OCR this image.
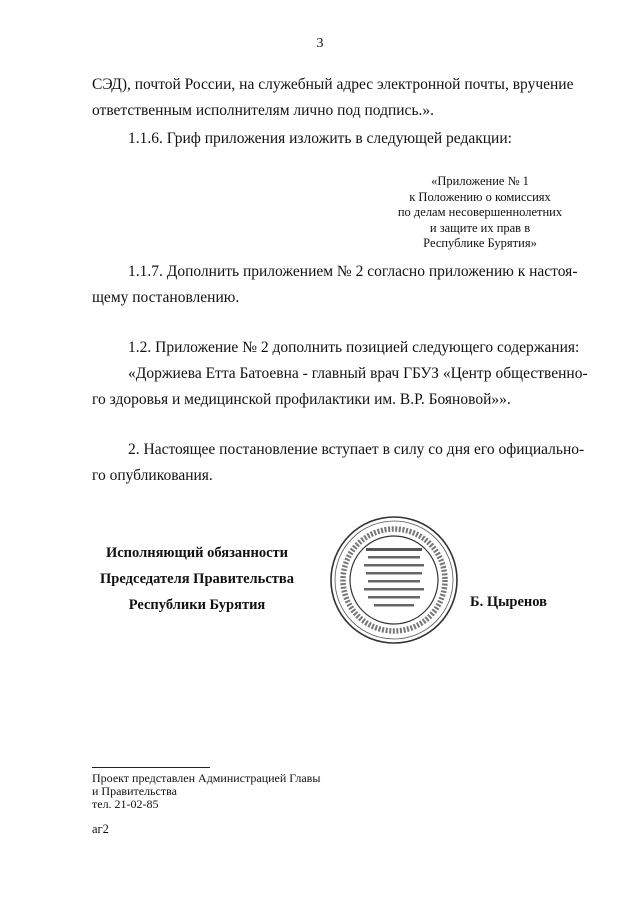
3
СЭД), почтой России, на служебный адрес электронной почты, вручение
ответственным исполнителям лично под подпись.».
1.1.6. Гриф приложения изложить в следующей редакции:
«Приложение № 1
к Положению о комиссиях
по делам несовершеннолетних
и защите их прав в
Республике Бурятия»
1.1.7. Дополнить приложением № 2 согласно приложению к настоя-
щему постановлению.
1.2. Приложение № 2 дополнить позицией следующего содержания:
«Доржиева Етта Батоевна - главный врач ГБУЗ «Центр общественно-
го здоровья и медицинской профилактики им. В.Р. Бояновой»».
2. Настоящее постановление вступает в силу со дня его официально-
го опубликования.
Исполняющий обязанности
Председателя Правительства
Республики Бурятия	Б. Цыренов
Проект представлен Администрацией Главы
и Правительства
тел. 21-02-85
аг2
